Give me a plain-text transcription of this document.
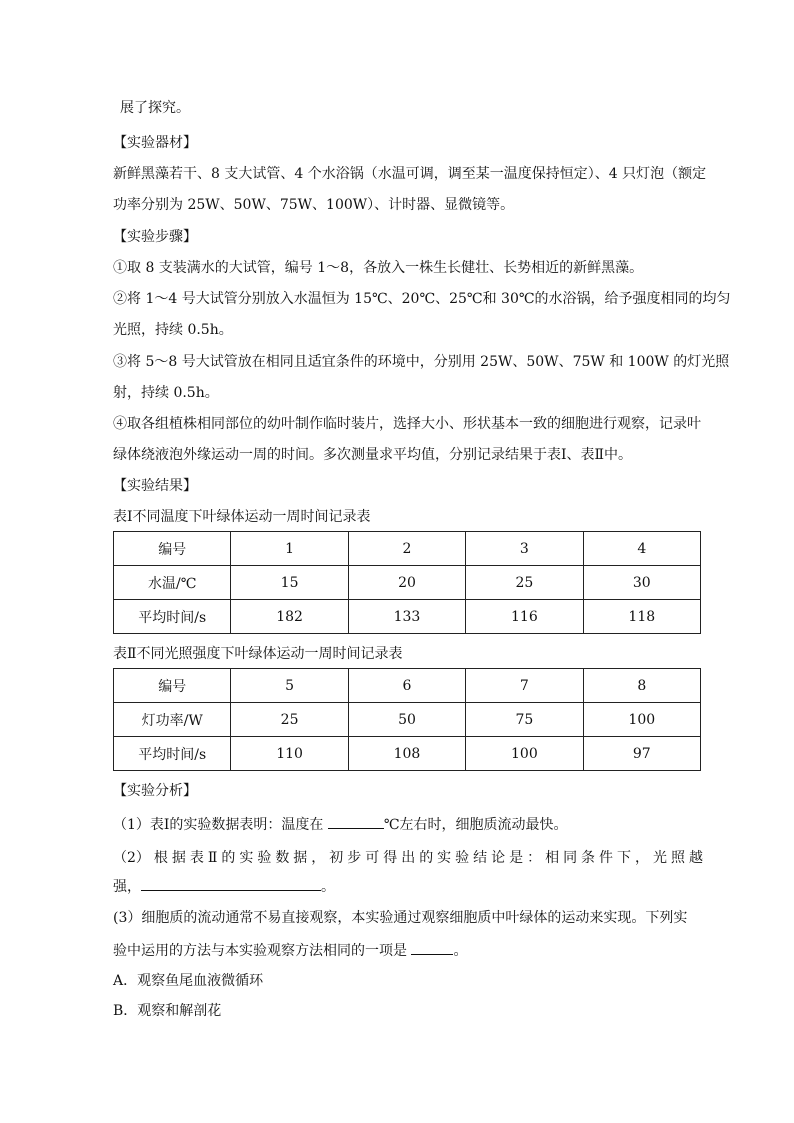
展了探究。
【实验器材】
新鲜黑藻若干、8 支大试管、4 个水浴锅（水温可调，调至某一温度保持恒定）、4 只灯泡（额定
功率分别为 25W、50W、75W、100W）、计时器、显微镜等。
【实验步骤】
①取 8 支装满水的大试管，编号 1～8，各放入一株生长健壮、长势相近的新鲜黑藻。
②将 1～4 号大试管分别放入水温恒为 15℃、20℃、25℃和 30℃的水浴锅，给予强度相同的均匀
光照，持续 0.5h。
③将 5～8 号大试管放在相同且适宜条件的环境中，分别用 25W、50W、75W 和 100W 的灯光照
射，持续 0.5h。
④取各组植株相同部位的幼叶制作临时装片，选择大小、形状基本一致的细胞进行观察，记录叶
绿体绕液泡外缘运动一周的时间。多次测量求平均值，分别记录结果于表Ⅰ、表Ⅱ中。
【实验结果】
表Ⅰ不同温度下叶绿体运动一周时间记录表
编号	1	2	3	4
水温/℃	15	20	25	30
平均时间/s	182	133	116	118
表Ⅱ不同光照强度下叶绿体运动一周时间记录表
编号	5	6	7	8
灯功率/W	25	50	75	100
平均时间/s	110	108	100	97
【实验分析】
（1）表Ⅰ的实验数据表明：温度在	℃左右时，细胞质流动最快。
（2） 根 据 表 Ⅱ 的 实 验 数 据 ， 初 步 可 得 出 的 实 验 结 论 是 ： 相 同 条 件 下 ， 光 照 越
强，	。
(3）细胞质的流动通常不易直接观察，本实验通过观察细胞质中叶绿体的运动来实现。下列实
验中运用的方法与本实验观察方法相同的一项是	。
A．观察鱼尾血液微循环
B．观察和解剖花
